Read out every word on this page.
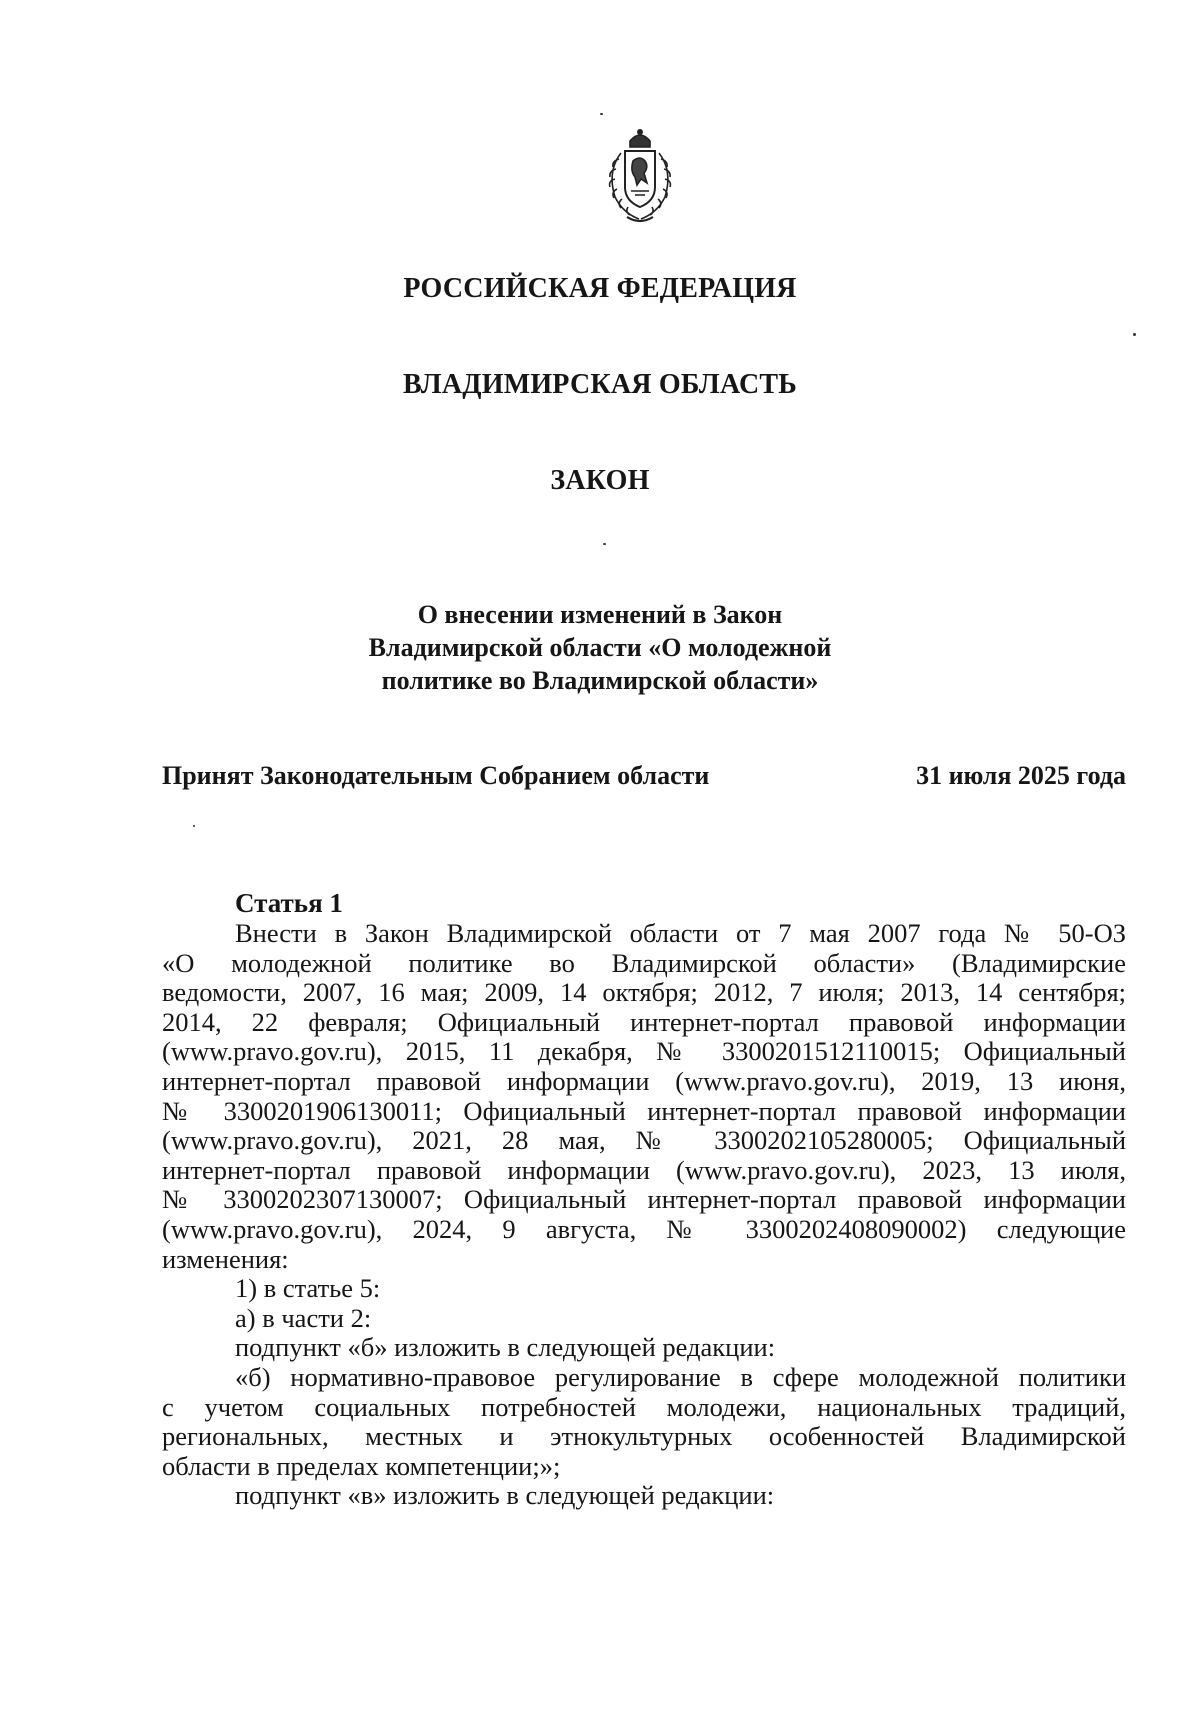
РОССИЙСКАЯ ФЕДЕРАЦИЯ
ВЛАДИМИРСКАЯ ОБЛАСТЬ
ЗАКОН
О внесении изменений в Закон
Владимирской области «О молодежной
политике во Владимирской области»
Принят Законодательным Собранием области	31 июля 2025 года
Статья 1
Внести в Закон Владимирской области от 7 мая 2007 года № 50-ОЗ
«О молодежной политике во Владимирской области» (Владимирские
ведомости, 2007, 16 мая; 2009, 14 октября; 2012, 7 июля; 2013, 14 сентября;
2014, 22 февраля; Официальный интернет-портал правовой информации
(www.pravo.gov.ru), 2015, 11 декабря, № 3300201512110015; Официальный
интернет-портал правовой информации (www.pravo.gov.ru), 2019, 13 июня,
№ 3300201906130011; Официальный интернет-портал правовой информации
(www.pravo.gov.ru), 2021, 28 мая, № 3300202105280005; Официальный
интернет-портал правовой информации (www.pravo.gov.ru), 2023, 13 июля,
№ 3300202307130007; Официальный интернет-портал правовой информации
(www.pravo.gov.ru), 2024, 9 августа, № 3300202408090002) следующие
изменения:
1) в статье 5:
а) в части 2:
подпункт «б» изложить в следующей редакции:
«б) нормативно-правовое регулирование в сфере молодежной политики
с учетом социальных потребностей молодежи, национальных традиций,
региональных, местных и этнокультурных особенностей Владимирской
области в пределах компетенции;»;
подпункт «в» изложить в следующей редакции:
